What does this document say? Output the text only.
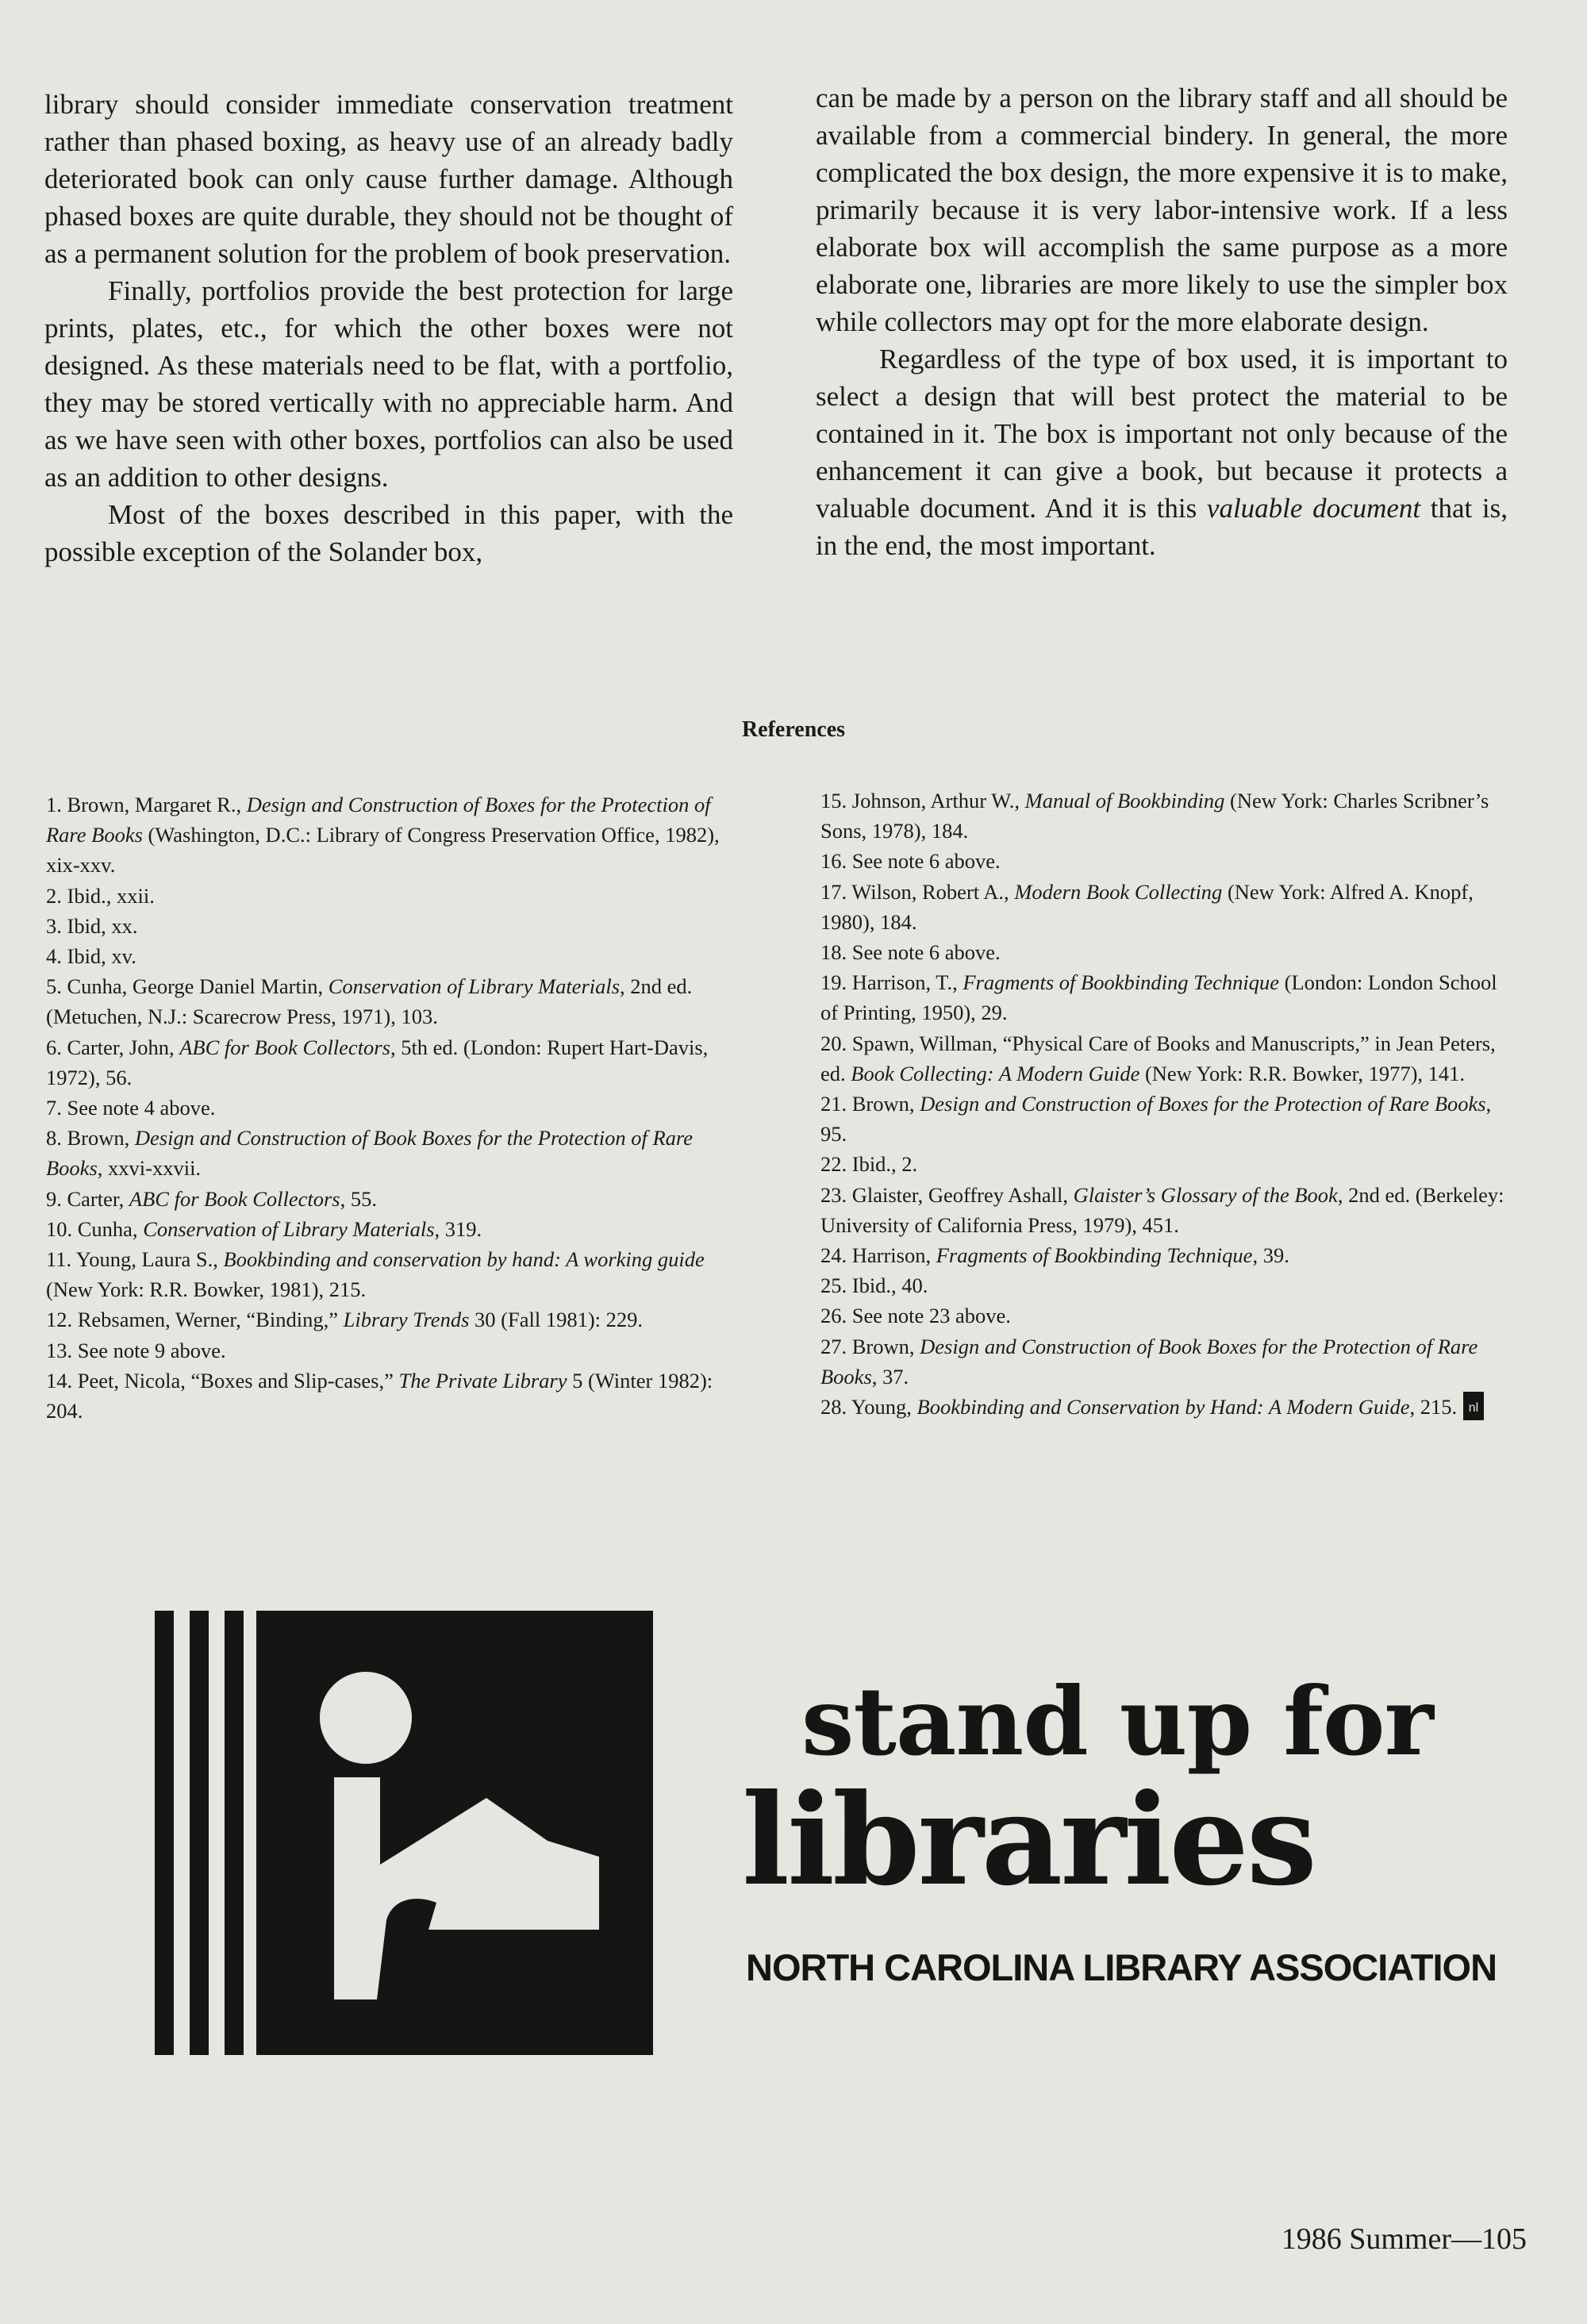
library should consider immediate conservation treatment rather than phased boxing, as heavy use of an already badly deteriorated book can only cause further damage. Although phased boxes are quite durable, they should not be thought of as a permanent solution for the problem of book preservation.

Finally, portfolios provide the best protection for large prints, plates, etc., for which the other boxes were not designed. As these materials need to be flat, with a portfolio, they may be stored vertically with no appreciable harm. And as we have seen with other boxes, portfolios can also be used as an addition to other designs.

Most of the boxes described in this paper, with the possible exception of the Solander box,

can be made by a person on the library staff and all should be available from a commercial bindery. In general, the more complicated the box design, the more expensive it is to make, primarily because it is very labor-intensive work. If a less elaborate box will accomplish the same purpose as a more elaborate one, libraries are more likely to use the simpler box while collectors may opt for the more elaborate design.

Regardless of the type of box used, it is important to select a design that will best protect the material to be contained in it. The box is important not only because of the enhancement it can give a book, but because it protects a valuable document. And it is this valuable document that is, in the end, the most important.

References

1. Brown, Margaret R., Design and Construction of Boxes for the Protection of Rare Books (Washington, D.C.: Library of Congress Preservation Office, 1982), xix-xxv.

2. Ibid., xxii.

3. Ibid, xx.

4. Ibid, xv.

5. Cunha, George Daniel Martin, Conservation of Library Materials, 2nd ed. (Metuchen, N.J.: Scarecrow Press, 1971), 103.

6. Carter, John, ABC for Book Collectors, 5th ed. (London: Rupert Hart-Davis, 1972), 56.

7. See note 4 above.

8. Brown, Design and Construction of Book Boxes for the Protection of Rare Books, xxvi-xxvii.

9. Carter, ABC for Book Collectors, 55.

10. Cunha, Conservation of Library Materials, 319.

11. Young, Laura S., Bookbinding and conservation by hand: A working guide (New York: R.R. Bowker, 1981), 215.

12. Rebsamen, Werner, “Binding,” Library Trends 30 (Fall 1981): 229.

13. See note 9 above.

14. Peet, Nicola, “Boxes and Slip-cases,” The Private Library 5 (Winter 1982): 204.

15. Johnson, Arthur W., Manual of Bookbinding (New York: Charles Scribner’s Sons, 1978), 184.

16. See note 6 above.

17. Wilson, Robert A., Modern Book Collecting (New York: Alfred A. Knopf, 1980), 184.

18. See note 6 above.

19. Harrison, T., Fragments of Bookbinding Technique (London: London School of Printing, 1950), 29.

20. Spawn, Willman, “Physical Care of Books and Manuscripts,” in Jean Peters, ed. Book Collecting: A Modern Guide (New York: R.R. Bowker, 1977), 141.

21. Brown, Design and Construction of Boxes for the Protection of Rare Books, 95.

22. Ibid., 2.

23. Glaister, Geoffrey Ashall, Glaister’s Glossary of the Book, 2nd ed. (Berkeley: University of California Press, 1979), 451.

24. Harrison, Fragments of Bookbinding Technique, 39.

25. Ibid., 40.

26. See note 23 above.

27. Brown, Design and Construction of Book Boxes for the Protection of Rare Books, 37.

28. Young, Bookbinding and Conservation by Hand: A Modern Guide, 215. nl

stand up for
libraries
NORTH CAROLINA LIBRARY ASSOCIATION
1986 Summer—105
